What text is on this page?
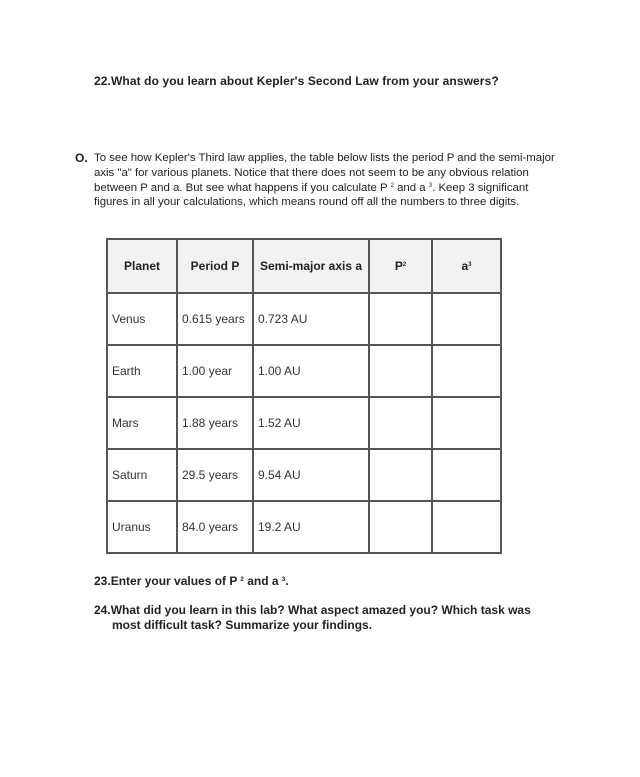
22.What do you learn about Kepler's Second Law from your answers?
O. To see how Kepler's Third law applies, the table below lists the period P and the semi-major axis "a" for various planets. Notice that there does not seem to be any obvious relation between P and a. But see what happens if you calculate P $^2$ and a $^3$. Keep 3 significant figures in all your calculations, which means round off all the numbers to three digits.
Planet	Period P	Semi-major axis a	$P^2$	$a^3$
Venus	0.615 years	0.723 AU		
Earth	1.00 year	1.00 AU		
Mars	1.88 years	1.52 AU		
Saturn	29.5 years	9.54 AU		
Uranus	84.0 years	19.2 AU		
23.Enter your values of P $^2$ and a $^3$.
24.What did you learn in this lab? What aspect amazed you? Which task was
most difficult task? Summarize your findings.
